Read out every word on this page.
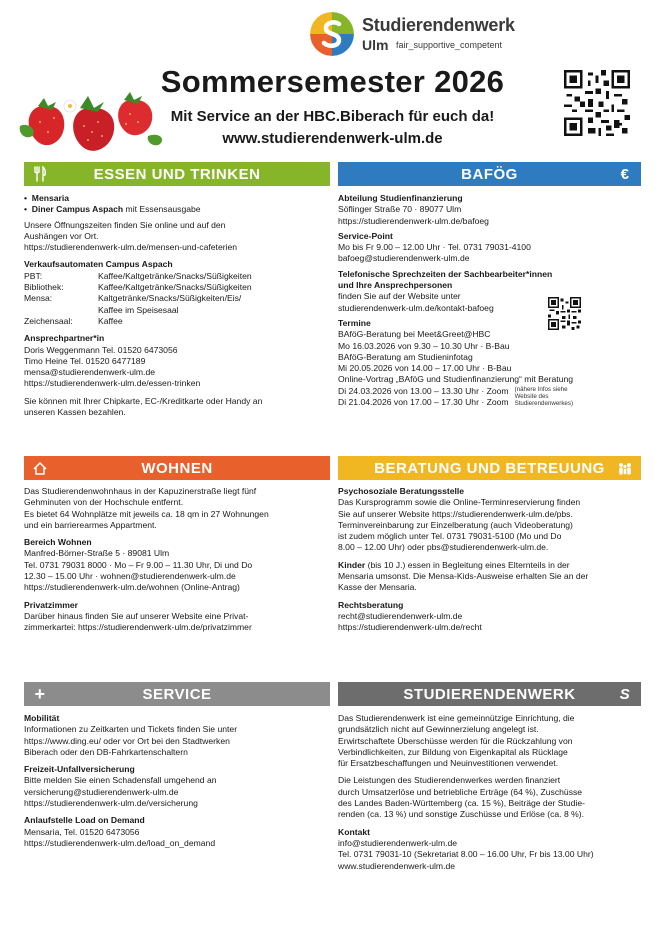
Studierendenwerk
Ulm fair_supportive_competent
Sommersemester 2026
Mit Service an der HBC.Biberach für euch da!
www.studierendenwerk-ulm.de
ESSEN UND TRINKEN
•  Mensaria
•  Diner Campus Aspach mit Essensausgabe
Unsere Öffnungszeiten finden Sie online und auf den
Aushängen vor Ort.
https://studierendenwerk-ulm.de/mensen-und-cafeterien
Verkaufsautomaten Campus Aspach
PBT:	Kaffee/Kaltgetränke/Snacks/Süßigkeiten
Bibliothek:	Kaffee/Kaltgetränke/Snacks/Süßigkeiten
Mensa:	Kaltgetränke/Snacks/Süßigkeiten/Eis/
Kaffee im Speisesaal
Zeichensaal:	Kaffee
Ansprechpartner*in
Doris Weggenmann Tel. 01520 6473056
Timo Heine Tel. 01520 6477189
mensa@studierendenwerk-ulm.de
https://studierendenwerk-ulm.de/essen-trinken
Sie können mit Ihrer Chipkarte, EC-/Kreditkarte oder Handy an
unseren Kassen bezahlen.
BAFÖG	€
Abteilung Studienfinanzierung
Söflinger Straße 70 · 89077 Ulm
https://studierendenwerk-ulm.de/bafoeg
Service-Point
Mo bis Fr 9.00 – 12.00 Uhr · Tel. 0731 79031-4100
bafoeg@studierendenwerk-ulm.de
Telefonische Sprechzeiten der Sachbearbeiter*innen
und Ihre Ansprechpersonen
finden Sie auf der Website unter
studierendenwerk-ulm.de/kontakt-bafoeg
Termine
BAföG-Beratung bei Meet&Greet@HBC
Mo 16.03.2026 von 9.30 – 10.30 Uhr · B-Bau
BAföG-Beratung am Studieninfotag
Mi 20.05.2026 von 14.00 – 17.00 Uhr · B-Bau
Online-Vortrag „BAföG und Studienfinanzierung“ mit Beratung
Di 24.03.2026 von 13.00 – 13.30 Uhr · Zoom
Di 21.04.2026 von 17.00 – 17.30 Uhr · Zoom
(nähere Infos siehe
Website des
Studierendenwerkes)
WOHNEN
Das Studierendenwohnhaus in der Kapuzinerstraße liegt fünf
Gehminuten von der Hochschule entfernt.
Es bietet 64 Wohnplätze mit jeweils ca. 18 qm in 27 Wohnungen
und ein barrierearmes Appartment.
Bereich Wohnen
Manfred-Börner-Straße 5 · 89081 Ulm
Tel. 0731 79031 8000 · Mo – Fr 9.00 – 11.30 Uhr, Di und Do
12.30 – 15.00 Uhr · wohnen@studierendenwerk-ulm.de
https://studierendenwerk-ulm.de/wohnen (Online-Antrag)
Privatzimmer
Darüber hinaus finden Sie auf unserer Website eine Privat-
zimmerkartei: https://studierendenwerk-ulm.de/privatzimmer
BERATUNG UND BETREUUNG
Psychosoziale Beratungsstelle
Das Kursprogramm sowie die Online-Terminreservierung finden
Sie auf unserer Website https://studierendenwerk-ulm.de/pbs.
Terminvereinbarung zur Einzelberatung (auch Videoberatung)
ist zudem möglich unter Tel. 0731 79031-5100 (Mo und Do
8.00 – 12.00 Uhr) oder pbs@studierendenwerk-ulm.de.
Kinder (bis 10 J.) essen in Begleitung eines Elternteils in der
Mensaria umsonst. Die Mensa-Kids-Ausweise erhalten Sie an der
Kasse der Mensaria.
Rechtsberatung
recht@studierendenwerk-ulm.de
https://studierendenwerk-ulm.de/recht
+	SERVICE
Mobilität
Informationen zu Zeitkarten und Tickets finden Sie unter
https://www.ding.eu/ oder vor Ort bei den Stadtwerken
Biberach oder den DB-Fahrkartenschaltern
Freizeit-Unfallversicherung
Bitte melden Sie einen Schadensfall umgehend an
versicherung@studierendenwerk-ulm.de
https://studierendenwerk-ulm.de/versicherung
Anlaufstelle Load on Demand
Mensaria, Tel. 01520 6473056
https://studierendenwerk-ulm.de/load_on_demand
STUDIERENDENWERK	S
Das Studierendenwerk ist eine gemeinnützige Einrichtung, die
grundsätzlich nicht auf Gewinnerzielung angelegt ist.
Erwirtschaftete Überschüsse werden für die Rückzahlung von
Verbindlichkeiten, zur Bildung von Eigenkapital als Rücklage
für Ersatzbeschaffungen und Neuinvestitionen verwendet.
Die Leistungen des Studierendenwerkes werden finanziert
durch Umsatzerlöse und betriebliche Erträge (64 %), Zuschüsse
des Landes Baden-Württemberg (ca. 15 %), Beiträge der Studie-
renden (ca. 13 %) und sonstige Zuschüsse und Erlöse (ca. 8 %).
Kontakt
info@studierendenwerk-ulm.de
Tel. 0731 79031-10 (Sekretariat 8.00 – 16.00 Uhr, Fr bis 13.00 Uhr)
www.studierendenwerk-ulm.de
